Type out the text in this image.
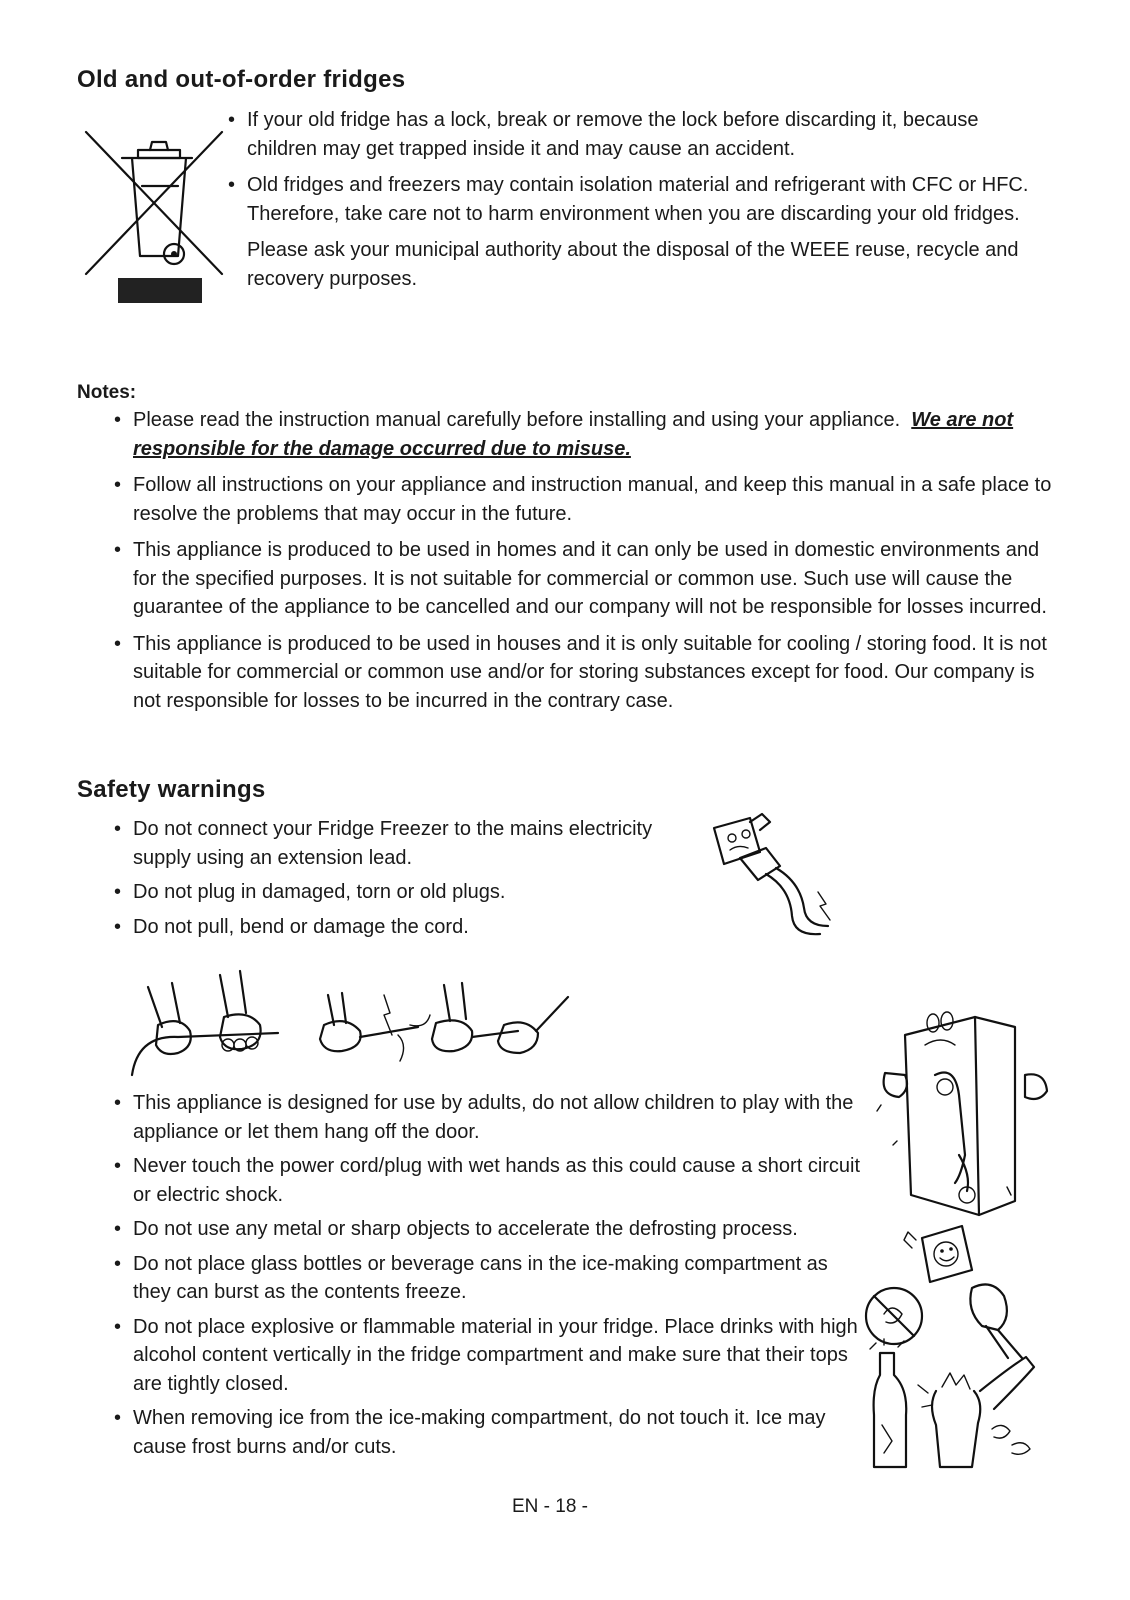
Old and out-of-order fridges

• If your old fridge has a lock, break or remove the lock before discarding it, because children may get trapped inside it and may cause an accident.

• Old fridges and freezers may contain isolation material and refrigerant with CFC or HFC. Therefore, take care not to harm environment when you are discarding your old fridges.

Please ask your municipal authority about the disposal of the WEEE reuse, recycle and recovery purposes.

Notes:

• Please read the instruction manual carefully before installing and using your appliance. We are not responsible for the damage occurred due to misuse.

• Follow all instructions on your appliance and instruction manual, and keep this manual in a safe place to resolve the problems that may occur in the future.

• This appliance is produced to be used in homes and it can only be used in domestic environments and for the specified purposes. It is not suitable for commercial or common use. Such use will cause the guarantee of the appliance to be cancelled and our company will not be responsible for losses incurred.

• This appliance is produced to be used in houses and it is only suitable for cooling / storing food. It is not suitable for commercial or common use and/or for storing substances except for food. Our company is not responsible for losses to be incurred in the contrary case.

Safety warnings

• Do not connect your Fridge Freezer to the mains electricity supply using an extension lead.

• Do not plug in damaged, torn or old plugs.

• Do not pull, bend or damage the cord.

• This appliance is designed for use by adults, do not allow children to play with the appliance or let them hang off the door.

• Never touch the power cord/plug with wet hands as this could cause a short circuit or electric shock.

• Do not use any metal or sharp objects to accelerate the defrosting process.

• Do not place glass bottles or beverage cans in the ice-making compartment as they can burst as the contents freeze.

• Do not place explosive or flammable material in your fridge. Place drinks with high alcohol content vertically in the fridge compartment and make sure that their tops are tightly closed.

• When removing ice from the ice-making compartment, do not touch it. Ice may cause frost burns and/or cuts.

EN - 18 -
